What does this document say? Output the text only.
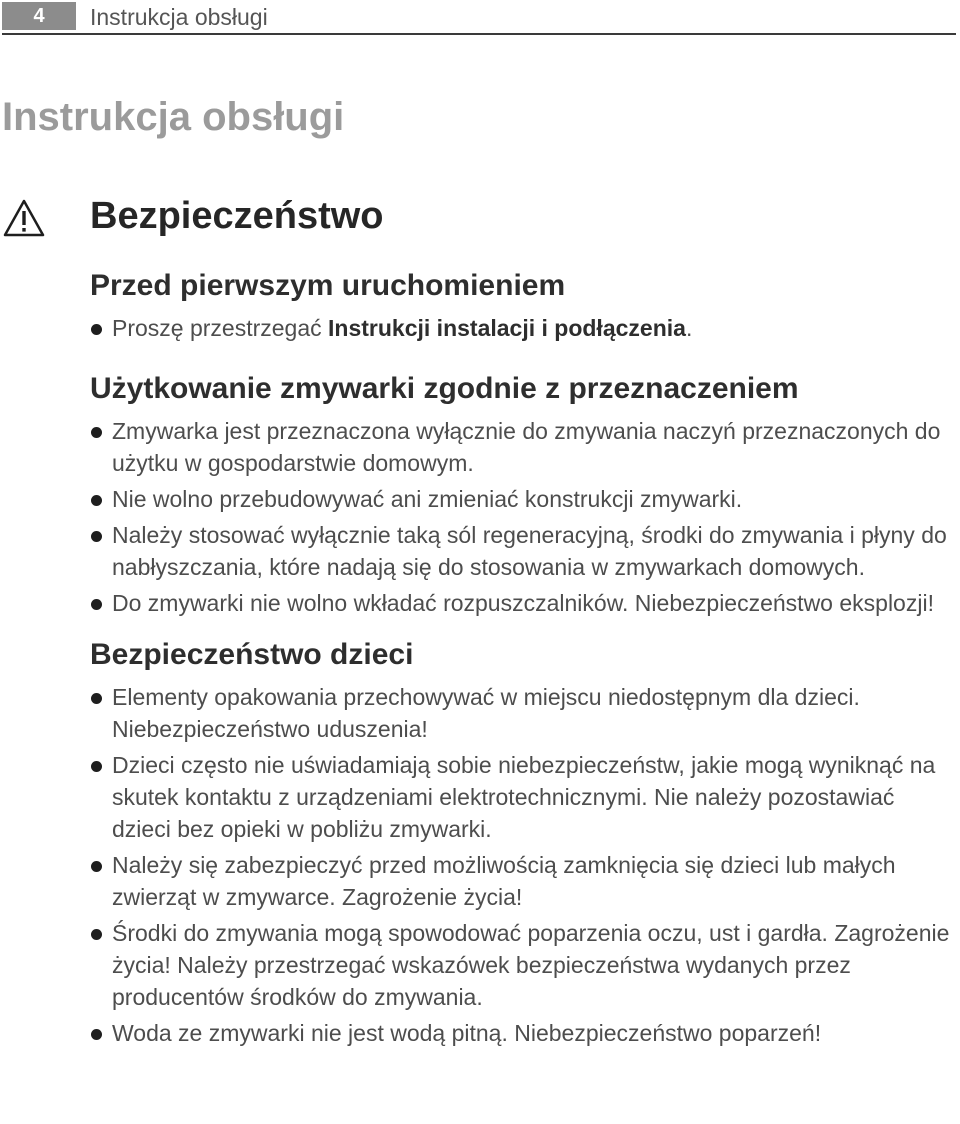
4	Instrukcja obsługi
Instrukcja obsługi
Bezpieczeństwo
Przed pierwszym uruchomieniem
Proszę przestrzegać Instrukcji instalacji i podłączenia.
Użytkowanie zmywarki zgodnie z przeznaczeniem
Zmywarka jest przeznaczona wyłącznie do zmywania naczyń przeznaczonych do użytku w gospodarstwie domowym.
Nie wolno przebudowywać ani zmieniać konstrukcji zmywarki.
Należy stosować wyłącznie taką sól regeneracyjną, środki do zmywania i płyny do nabłyszczania, które nadają się do stosowania w zmywarkach domowych.
Do zmywarki nie wolno wkładać rozpuszczalników. Niebezpieczeństwo eksplozji!
Bezpieczeństwo dzieci
Elementy opakowania przechowywać w miejscu niedostępnym dla dzieci. Niebezpieczeństwo uduszenia!
Dzieci często nie uświadamiają sobie niebezpieczeństw, jakie mogą wyniknąć na skutek kontaktu z urządzeniami elektrotechnicznymi. Nie należy pozostawiać dzieci bez opieki w pobliżu zmywarki.
Należy się zabezpieczyć przed możliwością zamknięcia się dzieci lub małych zwierząt w zmywarce. Zagrożenie życia!
Środki do zmywania mogą spowodować poparzenia oczu, ust i gardła. Zagrożenie życia! Należy przestrzegać wskazówek bezpieczeństwa wydanych przez producentów środków do zmywania.
Woda ze zmywarki nie jest wodą pitną. Niebezpieczeństwo poparzeń!
